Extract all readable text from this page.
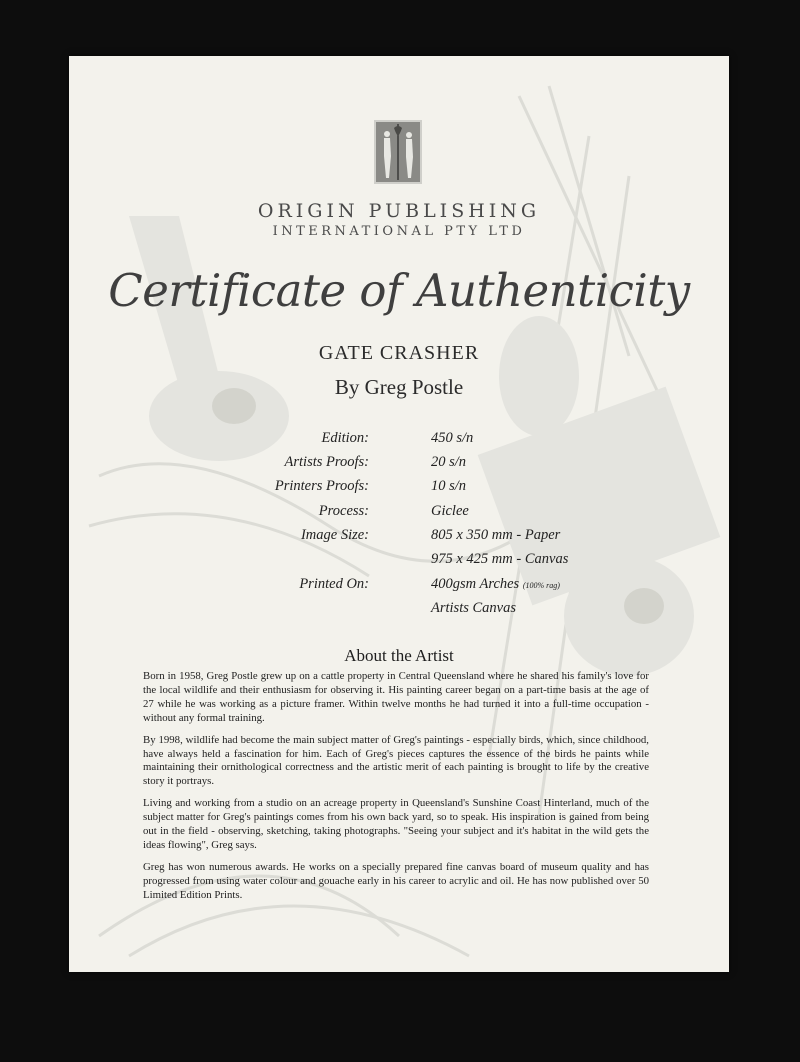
ORIGIN PUBLISHING
INTERNATIONAL PTY LTD
Certificate of Authenticity
GATE CRASHER
By Greg Postle
Edition:	450 s/n
Artists Proofs:	20 s/n
Printers Proofs:	10 s/n
Process:	Giclee
Image Size:	805 x 350 mm - Paper
975 x 425 mm - Canvas
Printed On:	400gsm Arches (100% rag)
Artists Canvas
About the Artist

Born in 1958, Greg Postle grew up on a cattle property in Central Queensland where he shared his family's love for the local wildlife and their enthusiasm for observing it. His painting career began on a part-time basis at the age of 27 while he was working as a picture framer. Within twelve months he had turned it into a full-time occupation - without any formal training.

By 1998, wildlife had become the main subject matter of Greg's paintings - especially birds, which, since childhood, have always held a fascination for him. Each of Greg's pieces captures the essence of the birds he paints while maintaining their ornithological correctness and the artistic merit of each painting is brought to life by the creative story it portrays.

Living and working from a studio on an acreage property in Queensland's Sunshine Coast Hinterland, much of the subject matter for Greg's paintings comes from his own back yard, so to speak. His inspiration is gained from being out in the field - observing, sketching, taking photographs. "Seeing your subject and it's habitat in the wild gets the ideas flowing", Greg says.

Greg has won numerous awards. He works on a specially prepared fine canvas board of museum quality and has progressed from using water colour and gouache early in his career to acrylic and oil. He has now published over 50 Limited Edition Prints.
